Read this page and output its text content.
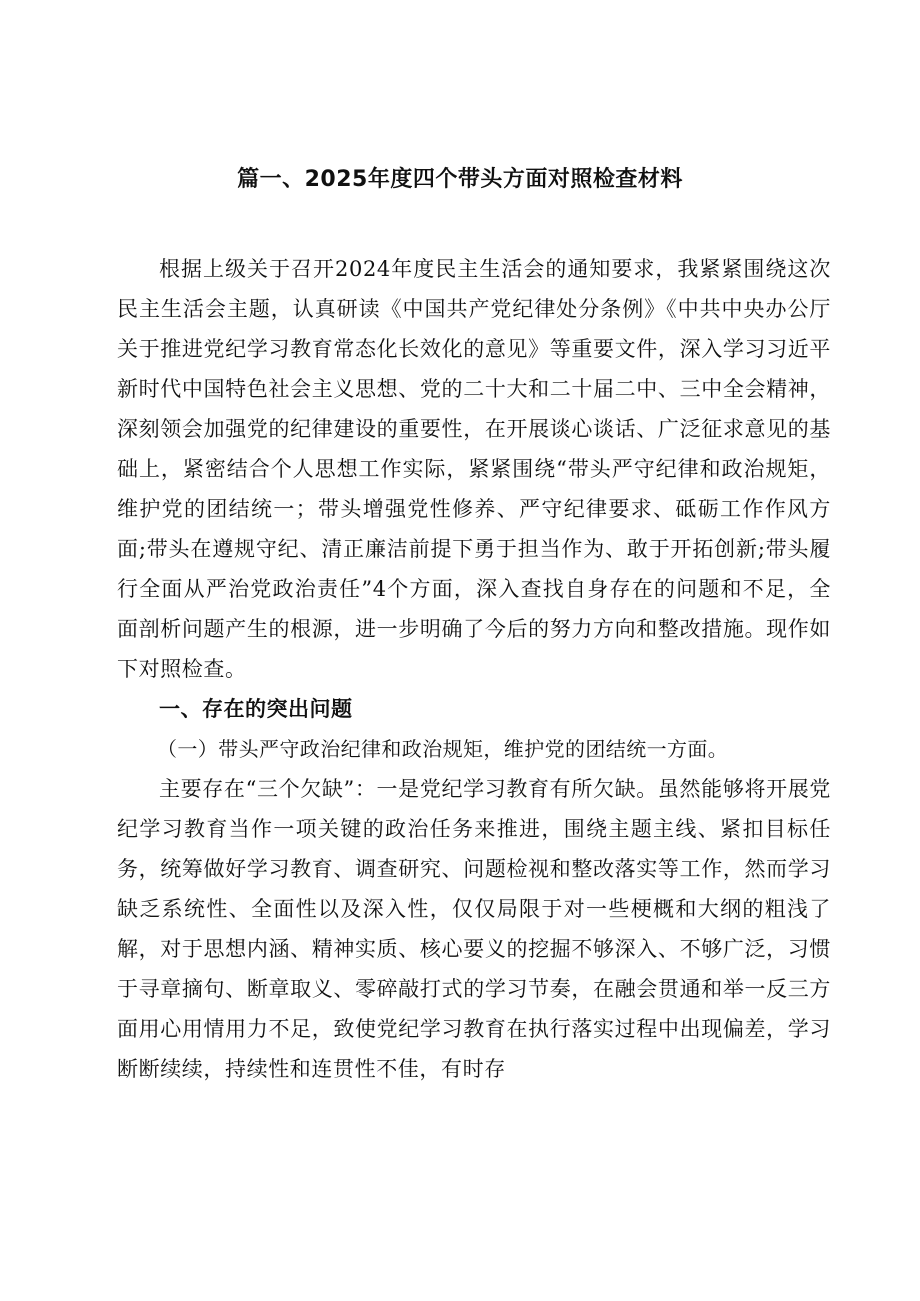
篇一、2025年度四个带头方面对照检查材料

根据上级关于召开2024年度民主生活会的通知要求，我紧紧围绕这次民主生活会主题，认真研读《中国共产党纪律处分条例》《中共中央办公厅关于推进党纪学习教育常态化长效化的意见》等重要文件，深入学习习近平新时代中国特色社会主义思想、党的二十大和二十届二中、三中全会精神，深刻领会加强党的纪律建设的重要性，在开展谈心谈话、广泛征求意见的基础上，紧密结合个人思想工作实际，紧紧围绕“带头严守纪律和政治规矩，维护党的团结统一；带头增强党性修养、严守纪律要求、砥砺工作作风方面;带头在遵规守纪、清正廉洁前提下勇于担当作为、敢于开拓创新;带头履行全面从严治党政治责任”4个方面，深入查找自身存在的问题和不足，全面剖析问题产生的根源，进一步明确了今后的努力方向和整改措施。现作如下对照检查。

一、存在的突出问题

（一）带头严守政治纪律和政治规矩，维护党的团结统一方面。

主要存在“三个欠缺”：一是党纪学习教育有所欠缺。虽然能够将开展党纪学习教育当作一项关键的政治任务来推进，围绕主题主线、紧扣目标任务，统筹做好学习教育、调查研究、问题检视和整改落实等工作，然而学习缺乏系统性、全面性以及深入性，仅仅局限于对一些梗概和大纲的粗浅了解，对于思想内涵、精神实质、核心要义的挖掘不够深入、不够广泛，习惯于寻章摘句、断章取义、零碎敲打式的学习节奏，在融会贯通和举一反三方面用心用情用力不足，致使党纪学习教育在执行落实过程中出现偏差，学习断断续续，持续性和连贯性不佳，有时存
